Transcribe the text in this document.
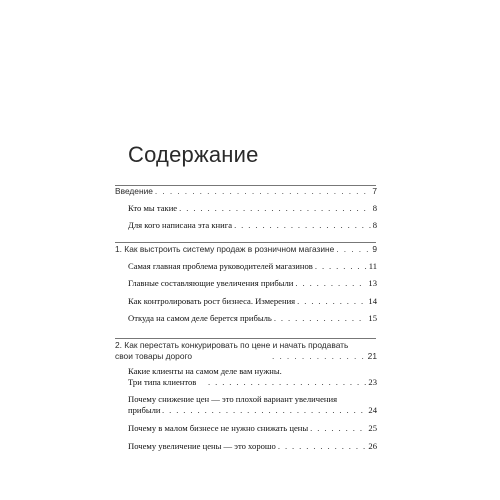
Содержание
Введение . . .	7
Кто мы такие . . .	8
Для кого написана эта книга . . .	8
1. Как выстроить систему продаж в розничном магазине . . .	9
Самая главная проблема руководителей магазинов . . .	11
Главные составляющие увеличения прибыли . . .	13
Как контролировать рост бизнеса. Измерения . . .	14
Откуда на самом деле берется прибыль . . .	15
2. Как перестать конкурировать по цене и начать продавать
свои товары дорого . . .	21
Какие клиенты на самом деле вам нужны.
Три типа клиентов . . .	23
Почему снижение цен — это плохой вариант увеличения
прибыли . . .	24
Почему в малом бизнесе не нужно снижать цены . . .	25
Почему увеличение цены — это хорошо . . .	26
